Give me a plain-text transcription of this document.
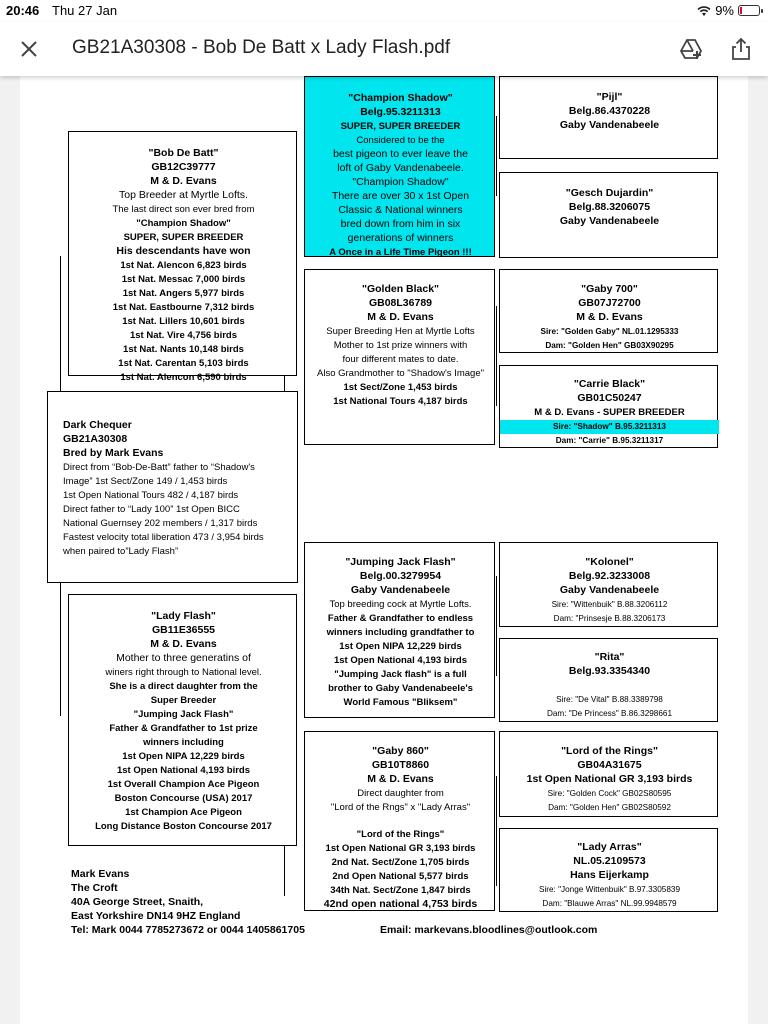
20:46 Thu 27 Jan	9%
GB21A30308 - Bob De Batt x Lady Flash.pdf
Dark Chequer
GB21A30308
Bred by Mark Evans
Direct from “Bob-De-Batt” father to “Shadow's
Image” 1st Sect/Zone 149 / 1,453 birds
1st Open National Tours 482 / 4,187 birds
Direct father to “Lady 100” 1st Open BICC
National Guernsey 202 members / 1,317 birds
Fastest velocity total liberation 473 / 3,954 birds
when paired to”Lady Flash”
"Bob De Batt"
GB12C39777
M & D. Evans
Top Breeder at Myrtle Lofts.
The last direct son ever bred from
"Champion Shadow"
SUPER, SUPER BREEDER
His descendants have won
1st Nat. Alencon 6,823 birds
1st Nat. Messac 7,000 birds
1st Nat. Angers 5,977 birds
1st Nat. Eastbourne 7,312 birds
1st Nat. Lillers 10,601 birds
1st Nat. Vire 4,756 birds
1st Nat. Nants 10,148 birds
1st Nat. Carentan 5,103 birds
1st Nat. Alencon 6,590 birds
"Lady Flash"
GB11E36555
M & D. Evans
Mother to three generatins of
winers right through to National level.
She is a direct daughter from the
Super Breeder
"Jumping Jack Flash"
Father & Grandfather to 1st prize
winners including
1st Open NIPA 12,229 birds
1st Open National 4,193 birds
1st Overall Champion Ace Pigeon
Boston Concourse (USA) 2017
1st Champion Ace Pigeon
Long Distance Boston Concourse 2017
"Champion Shadow"
Belg.95.3211313
SUPER, SUPER BREEDER
Considered to be the
best pigeon to ever leave the
loft of Gaby Vandenabeele.
"Champion Shadow"
There are over 30 x 1st Open
Classic & National winners
bred down from him in six
generations of winners
A Once in a Life Time Pigeon !!!
"Golden Black"
GB08L36789
M & D. Evans
Super Breeding Hen at Myrtle Lofts
Mother to 1st prize winners with
four different mates to date.
Also Grandmother to "Shadow's Image"
1st Sect/Zone 1,453 birds
1st National Tours 4,187 birds
"Jumping Jack Flash"
Belg.00.3279954
Gaby Vandenabeele
Top breeding cock at Myrtle Lofts.
Father & Grandfather to endless
winners including grandfather to
1st Open NIPA 12,229 birds
1st Open National 4,193 birds
"Jumping Jack flash" is a full
brother to Gaby Vandenabeele's
World Famous "Bliksem"
"Gaby 860"
GB10T8860
M & D. Evans
Direct daughter from
"Lord of the Rngs" x "Lady Arras"
"Lord of the Rings"
1st Open National GR 3,193 birds
2nd Nat. Sect/Zone 1,705 birds
2nd Open National 5,577 birds
34th Nat. Sect/Zone 1,847 birds
42nd open national 4,753 birds
"Pijl"
Belg.86.4370228
Gaby Vandenabeele
"Gesch Dujardin"
Belg.88.3206075
Gaby Vandenabeele
"Gaby 700"
GB07J72700
M & D. Evans
Sire: "Golden Gaby" NL.01.1295333
Dam: "Golden Hen" GB03X90295
"Carrie Black"
GB01C50247
M & D. Evans - SUPER BREEDER
Sire: "Shadow" B.95.3211313
Dam: "Carrie" B.95.3211317
"Kolonel"
Belg.92.3233008
Gaby Vandenabeele
Sire: "Wittenbuik" B.88.3206112
Dam: "Prinsesje B.88.3206173
"Rita"
Belg.93.3354340
Sire: "De Vital" B.88.3389798
Dam: "De Princess" B.86.3298661
"Lord of the Rings"
GB04A31675
1st Open National GR 3,193 birds
Sire: "Golden Cock" GB02S80595
Dam: "Golden Hen" GB02S80592
"Lady Arras"
NL.05.2109573
Hans Eijerkamp
Sire: "Jonge Wittenbuik" B.97.3305839
Dam: "Blauwe Arras" NL.99.9948579
Mark Evans
The Croft
40A George Street, Snaith,
East Yorkshire DN14 9HZ England
Tel: Mark 0044 7785273672 or 0044 1405861705	Email: markevans.bloodlines@outlook.com
